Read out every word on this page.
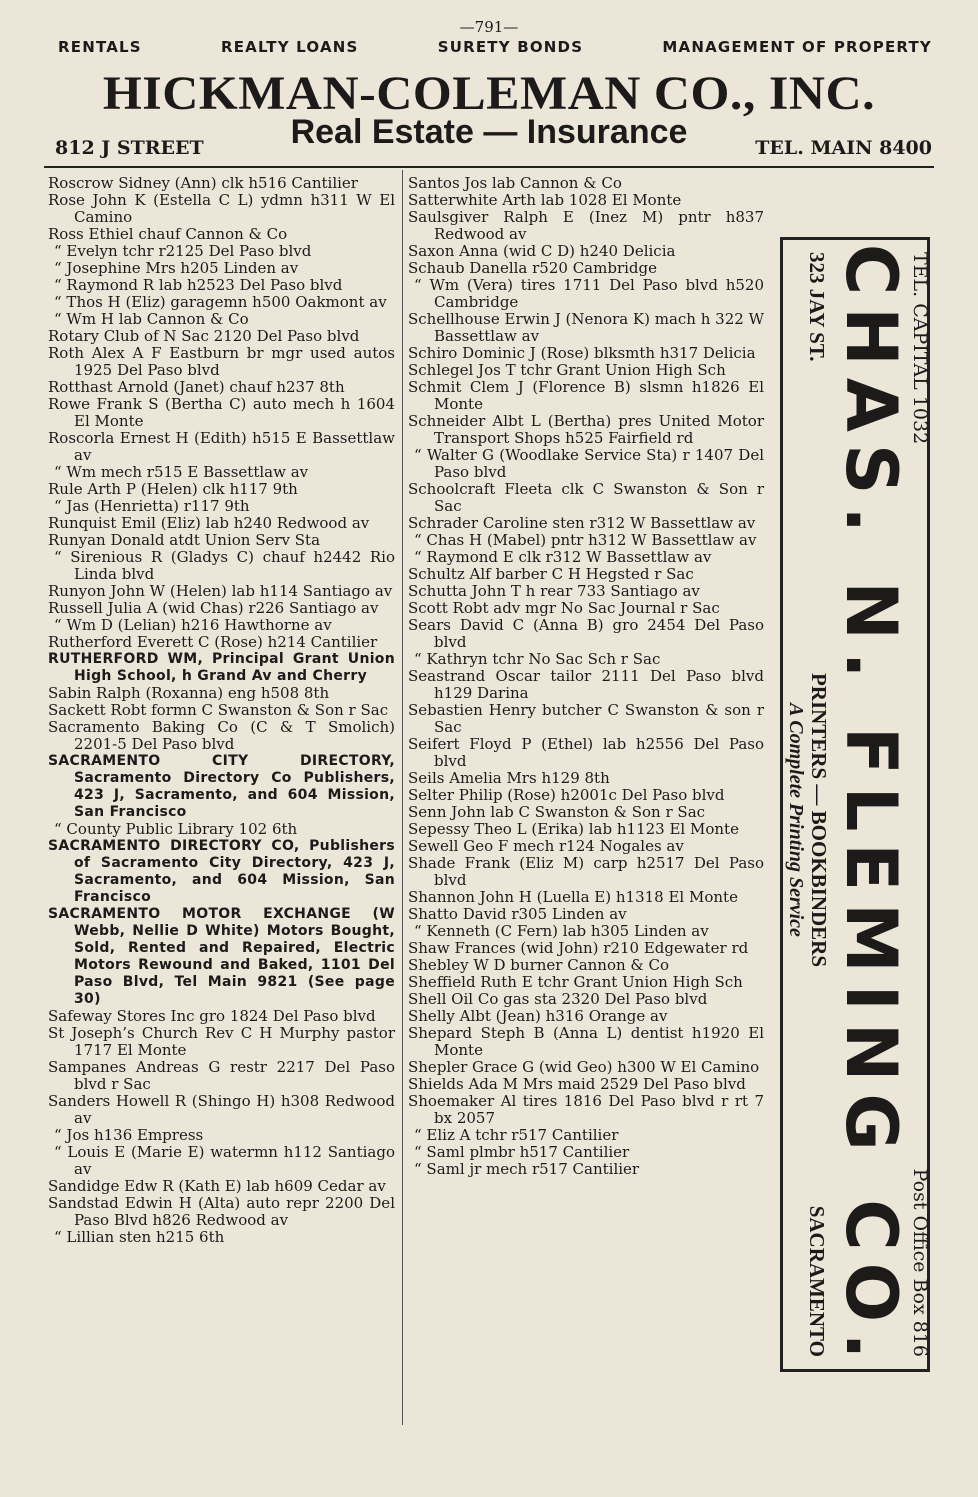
—791—
RENTALS	REALTY LOANS	SURETY BONDS	MANAGEMENT OF PROPERTY
HICKMAN-COLEMAN CO., INC.
812 J STREET	Real Estate — Insurance	TEL. MAIN 8400
Roscrow Sidney (Ann) clk h516 Cantilier
Rose John K (Estella C L) ydmn h311 W El Camino
Ross Ethiel chauf Cannon & Co
“ Evelyn tchr r2125 Del Paso blvd
“ Josephine Mrs h205 Linden av
“ Raymond R lab h2523 Del Paso blvd
“ Thos H (Eliz) garagemn h500 Oakmont av
“ Wm H lab Cannon & Co
Rotary Club of N Sac 2120 Del Paso blvd
Roth Alex A F Eastburn br mgr used autos 1925 Del Paso blvd
Rotthast Arnold (Janet) chauf h237 8th
Rowe Frank S (Bertha C) auto mech h 1604 El Monte
Roscorla Ernest H (Edith) h515 E Bassettlaw av
“ Wm mech r515 E Bassettlaw av
Rule Arth P (Helen) clk h117 9th
“ Jas (Henrietta) r117 9th
Runquist Emil (Eliz) lab h240 Redwood av
Runyan Donald atdt Union Serv Sta
“ Sirenious R (Gladys C) chauf h2442 Rio Linda blvd
Runyon John W (Helen) lab h114 Santiago av
Russell Julia A (wid Chas) r226 Santiago av
“ Wm D (Lelian) h216 Hawthorne av
Rutherford Everett C (Rose) h214 Cantilier
RUTHERFORD WM, Principal Grant Union High School, h Grand Av and Cherry
Sabin Ralph (Roxanna) eng h508 8th
Sackett Robt formn C Swanston & Son r Sac
Sacramento Baking Co (C & T Smolich) 2201-5 Del Paso blvd
SACRAMENTO CITY DIRECTORY, Sacramento Directory Co Publishers, 423 J, Sacramento, and 604 Mission, San Francisco
“ County Public Library 102 6th
SACRAMENTO DIRECTORY CO, Publishers of Sacramento City Directory, 423 J, Sacramento, and 604 Mission, San Francisco
SACRAMENTO MOTOR EXCHANGE (W Webb, Nellie D White) Motors Bought, Sold, Rented and Repaired, Electric Motors Rewound and Baked, 1101 Del Paso Blvd, Tel Main 9821 (See page 30)
Safeway Stores Inc gro 1824 Del Paso blvd
St Joseph’s Church Rev C H Murphy pastor 1717 El Monte
Sampanes Andreas G restr 2217 Del Paso blvd r Sac
Sanders Howell R (Shingo H) h308 Redwood av
“ Jos h136 Empress
“ Louis E (Marie E) watermn h112 Santiago av
Sandidge Edw R (Kath E) lab h609 Cedar av
Sandstad Edwin H (Alta) auto repr 2200 Del Paso Blvd h826 Redwood av
“ Lillian sten h215 6th
Santos Jos lab Cannon & Co
Satterwhite Arth lab 1028 El Monte
Saulsgiver Ralph E (Inez M) pntr h837 Redwood av
Saxon Anna (wid C D) h240 Delicia
Schaub Danella r520 Cambridge
“ Wm (Vera) tires 1711 Del Paso blvd h520 Cambridge
Schellhouse Erwin J (Nenora K) mach h 322 W Bassettlaw av
Schiro Dominic J (Rose) blksmth h317 Delicia
Schlegel Jos T tchr Grant Union High Sch
Schmit Clem J (Florence B) slsmn h1826 El Monte
Schneider Albt L (Bertha) pres United Motor Transport Shops h525 Fairfield rd
“ Walter G (Woodlake Service Sta) r 1407 Del Paso blvd
Schoolcraft Fleeta clk C Swanston & Son r Sac
Schrader Caroline sten r312 W Bassettlaw av
“ Chas H (Mabel) pntr h312 W Bassettlaw av
“ Raymond E clk r312 W Bassettlaw av
Schultz Alf barber C H Hegsted r Sac
Schutta John T h rear 733 Santiago av
Scott Robt adv mgr No Sac Journal r Sac
Sears David C (Anna B) gro 2454 Del Paso blvd
“ Kathryn tchr No Sac Sch r Sac
Seastrand Oscar tailor 2111 Del Paso blvd h129 Darina
Sebastien Henry butcher C Swanston & son r Sac
Seifert Floyd P (Ethel) lab h2556 Del Paso blvd
Seils Amelia Mrs h129 8th
Selter Philip (Rose) h2001c Del Paso blvd
Senn John lab C Swanston & Son r Sac
Sepessy Theo L (Erika) lab h1123 El Monte
Sewell Geo F mech r124 Nogales av
Shade Frank (Eliz M) carp h2517 Del Paso blvd
Shannon John H (Luella E) h1318 El Monte
Shatto David r305 Linden av
“ Kenneth (C Fern) lab h305 Linden av
Shaw Frances (wid John) r210 Edgewater rd
Shebley W D burner Cannon & Co
Sheffield Ruth E tchr Grant Union High Sch
Shell Oil Co gas sta 2320 Del Paso blvd
Shelly Albt (Jean) h316 Orange av
Shepard Steph B (Anna L) dentist h1920 El Monte
Shepler Grace G (wid Geo) h300 W El Camino
Shields Ada M Mrs maid 2529 Del Paso blvd
Shoemaker Al tires 1816 Del Paso blvd r rt 7 bx 2057
“ Eliz A tchr r517 Cantilier
“ Saml plmbr h517 Cantilier
“ Saml jr mech r517 Cantilier
TEL. CAPITAL 1032
Post Office Box 816
CHAS. N. FLEMING CO.
323 JAY ST.
SACRAMENTO
PRINTERS — BOOKBINDERS
A Complete Printing Service
